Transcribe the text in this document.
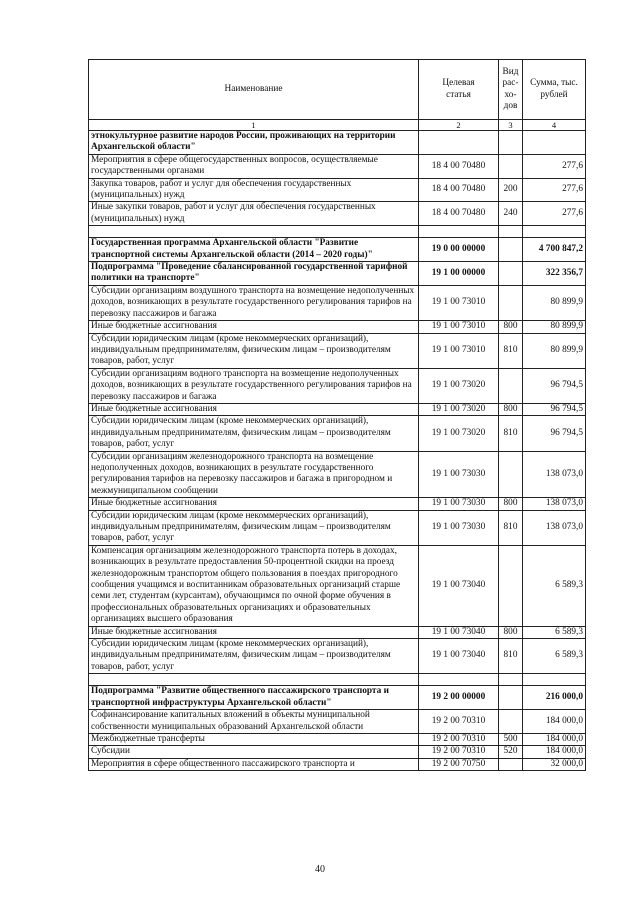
Наименование	Целевая статья	Вид рас-хо-дов	Сумма, тыс. рублей
1	2	3	4
этнокультурное развитие народов России, проживающих на территории Архангельской области"			
Мероприятия в сфере общегосударственных вопросов, осуществляемые государственными органами	18 4 00 70480		277,6
Закупка товаров, работ и услуг для обеспечения государственных (муниципальных) нужд	18 4 00 70480	200	277,6
Иные закупки товаров, работ и услуг для обеспечения государственных (муниципальных) нужд	18 4 00 70480	240	277,6

Государственная программа Архангельской области "Развитие транспортной системы Архангельской области (2014 – 2020 годы)"	19 0 00 00000		4 700 847,2
Подпрограмма "Проведение сбалансированной государственной тарифной политики на транспорте"	19 1 00 00000		322 356,7
Субсидии организациям воздушного транспорта на возмещение недополученных доходов, возникающих в результате государственного регулирования тарифов на перевозку пассажиров и багажа	19 1 00 73010		80 899,9
Иные бюджетные ассигнования	19 1 00 73010	800	80 899,9
Субсидии юридическим лицам (кроме некоммерческих организаций), индивидуальным предпринимателям, физическим лицам – производителям товаров, работ, услуг	19 1 00 73010	810	80 899,9
Субсидии организациям водного транспорта на возмещение недополученных доходов, возникающих в результате государственного регулирования тарифов на перевозку пассажиров и багажа	19 1 00 73020		96 794,5
Иные бюджетные ассигнования	19 1 00 73020	800	96 794,5
Субсидии юридическим лицам (кроме некоммерческих организаций), индивидуальным предпринимателям, физическим лицам – производителям товаров, работ, услуг	19 1 00 73020	810	96 794,5
Субсидии организациям железнодорожного транспорта на возмещение недополученных доходов, возникающих в результате государственного регулирования тарифов на перевозку пассажиров и багажа в пригородном и межмуниципальном сообщении	19 1 00 73030		138 073,0
Иные бюджетные ассигнования	19 1 00 73030	800	138 073,0
Субсидии юридическим лицам (кроме некоммерческих организаций), индивидуальным предпринимателям, физическим лицам – производителям товаров, работ, услуг	19 1 00 73030	810	138 073,0
Компенсация организациям железнодорожного транспорта потерь в доходах, возникающих в результате предоставления 50-процентной скидки на проезд железнодорожным транспортом общего пользования в поездах пригородного сообщения учащимся и воспитанникам образовательных организаций старше семи лет, студентам (курсантам), обучающимся по очной форме обучения в профессиональных образовательных организациях и образовательных организациях высшего образования	19 1 00 73040		6 589,3
Иные бюджетные ассигнования	19 1 00 73040	800	6 589,3
Субсидии юридическим лицам (кроме некоммерческих организаций), индивидуальным предпринимателям, физическим лицам – производителям товаров, работ, услуг	19 1 00 73040	810	6 589,3

Подпрограмма "Развитие общественного пассажирского транспорта и транспортной инфраструктуры Архангельской области"	19 2 00 00000		216 000,0
Софинансирование капитальных вложений в объекты муниципальной собственности муниципальных образований Архангельской области	19 2 00 70310		184 000,0
Межбюджетные трансферты	19 2 00 70310	500	184 000,0
Субсидии	19 2 00 70310	520	184 000,0
Мероприятия в сфере общественного пассажирского транспорта и	19 2 00 70750		32 000,0
40
